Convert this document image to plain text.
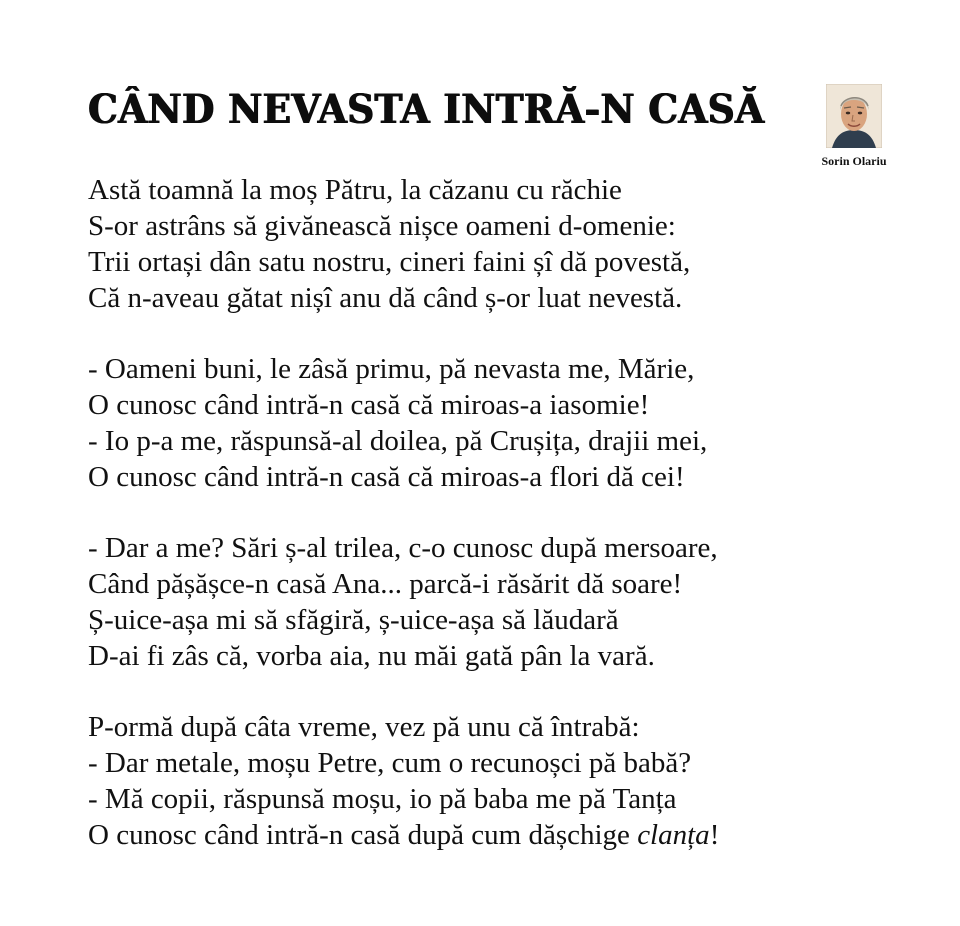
CÂND NEVASTA INTRĂ-N CASĂ
Sorin Olariu
Astă toamnă la moș Pătru, la căzanu cu răchie
S-or astrâns să givănească nișce oameni d-omenie:
Trii ortași dân satu nostru, cineri faini șî dă povestă,
Că n-aveau gătat nișî anu dă când ș-or luat nevestă.
- Oameni buni, le zâsă primu, pă nevasta me, Mărie,
O cunosc când intră-n casă că miroas-a iasomie!
- Io p-a me, răspunsă-al doilea, pă Crușița, drajii mei,
O cunosc când intră-n casă că miroas-a flori dă cei!
- Dar a me? Sări ș-al trilea, c-o cunosc după mersoare,
Când pășășce-n casă Ana... parcă-i răsărit dă soare!
Ș-uice-așa mi să sfăgiră, ș-uice-așa să lăudară
D-ai fi zâs că, vorba aia, nu măi gată pân la vară.
P-ormă după câta vreme, vez pă unu că întrabă:
- Dar metale, moșu Petre, cum o recunoșci pă babă?
- Mă copii, răspunsă moșu, io pă baba me pă Tanța
O cunosc când intră-n casă după cum dășchige clanța!
